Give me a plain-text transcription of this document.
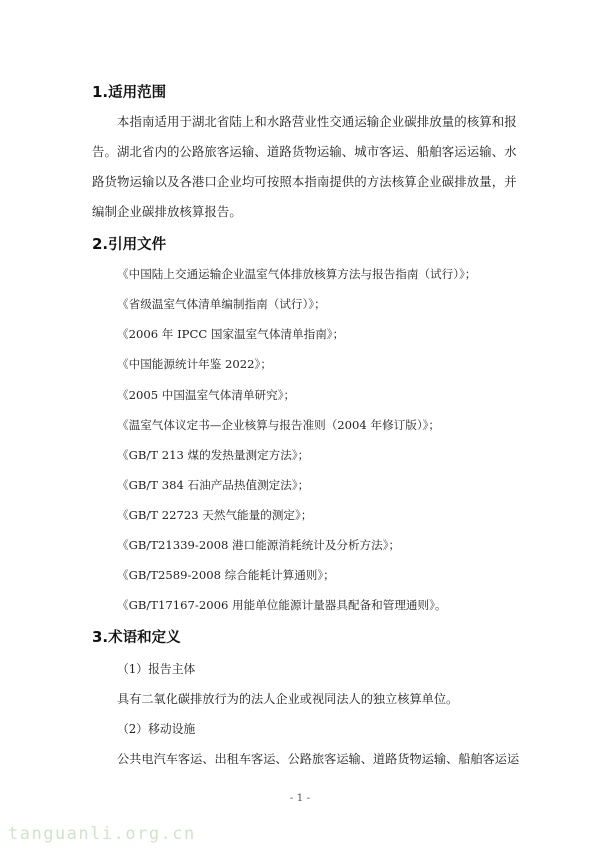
1.适用范围
本指南适用于湖北省陆上和水路营业性交通运输企业碳排放量的核算和报告。湖北省内的公路旅客运输、道路货物运输、城市客运、船舶客运运输、水路货物运输以及各港口企业均可按照本指南提供的方法核算企业碳排放量，并编制企业碳排放核算报告。
2.引用文件
《中国陆上交通运输企业温室气体排放核算方法与报告指南（试行）》；
《省级温室气体清单编制指南（试行）》；
《2006 年 IPCC 国家温室气体清单指南》；
《中国能源统计年鉴 2022》；
《2005 中国温室气体清单研究》；
《温室气体议定书—企业核算与报告准则（2004 年修订版）》；
《GB/T 213 煤的发热量测定方法》；
《GB/T 384 石油产品热值测定法》；
《GB/T 22723 天然气能量的测定》；
《GB/T21339-2008 港口能源消耗统计及分析方法》；
《GB/T2589-2008 综合能耗计算通则》；
《GB/T17167-2006 用能单位能源计量器具配备和管理通则》。
3.术语和定义
（1）报告主体
具有二氧化碳排放行为的法人企业或视同法人的独立核算单位。
（2）移动设施
公共电汽车客运、出租车客运、公路旅客运输、道路货物运输、船舶客运运
- 1 -
tanguanli.org.cn
